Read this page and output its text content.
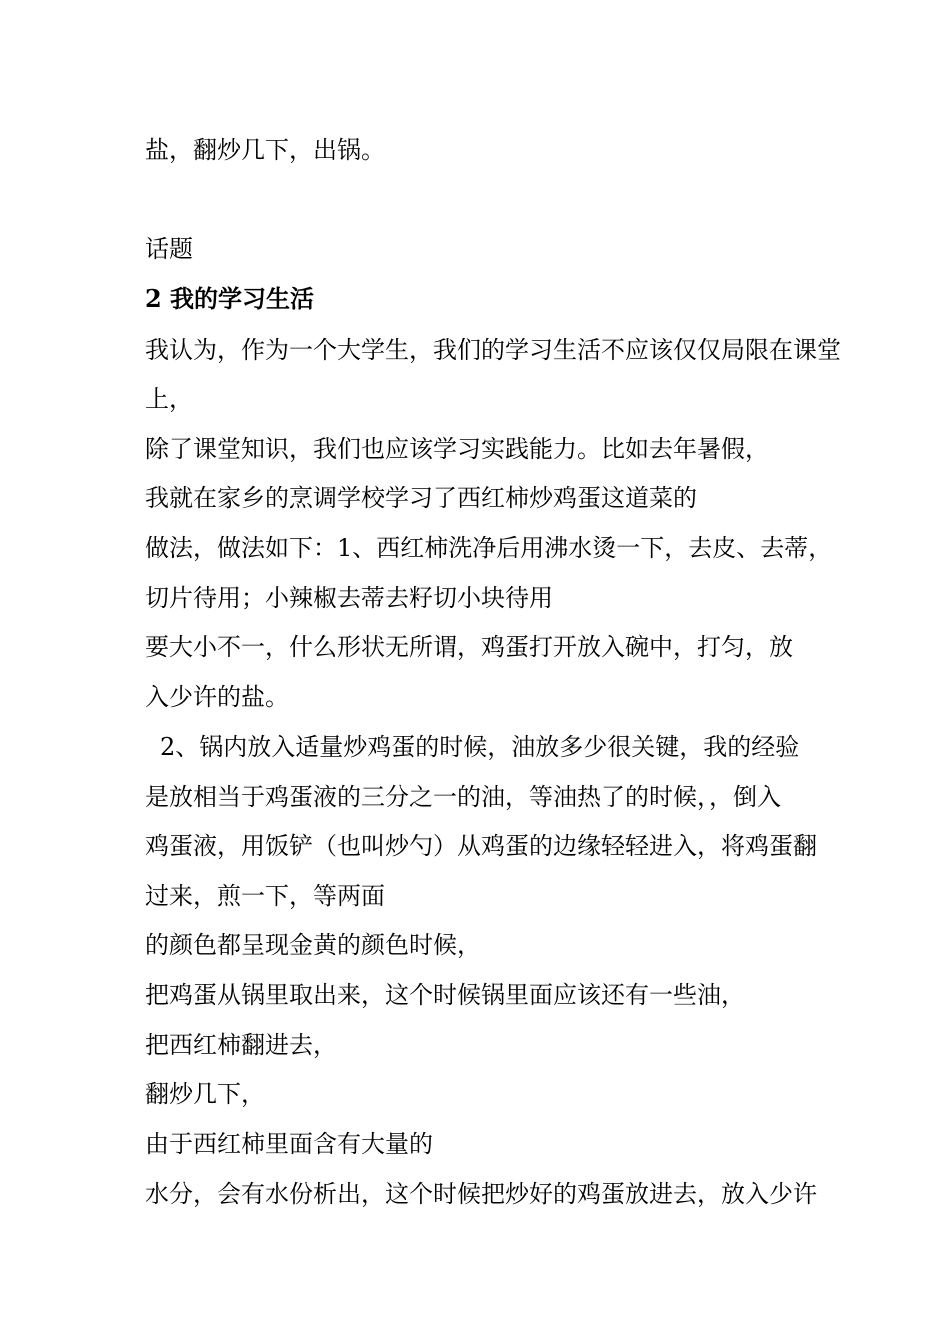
盐，翻炒几下，出锅。
话题
2 我的学习生活
我认为，作为一个大学生，我们的学习生活不应该仅仅局限在课堂
上，
除了课堂知识，我们也应该学习实践能力。比如去年暑假，
我就在家乡的烹调学校学习了西红柿炒鸡蛋这道菜的
做法，做法如下：1、西红柿洗净后用沸水烫一下，去皮、去蒂，
切片待用；小辣椒去蒂去籽切小块待用
要大小不一，什么形状无所谓，鸡蛋打开放入碗中，打匀，放
入少许的盐。
2、锅内放入适量炒鸡蛋的时候，油放多少很关键，我的经验
是放相当于鸡蛋液的三分之一的油，等油热了的时候，，倒入
鸡蛋液，用饭铲（也叫炒勺）从鸡蛋的边缘轻轻进入，将鸡蛋翻
过来，煎一下，等两面
的颜色都呈现金黄的颜色时候，
把鸡蛋从锅里取出来，这个时候锅里面应该还有一些油，
把西红柿翻进去，
翻炒几下，
由于西红柿里面含有大量的
水分，会有水份析出，这个时候把炒好的鸡蛋放进去，放入少许
